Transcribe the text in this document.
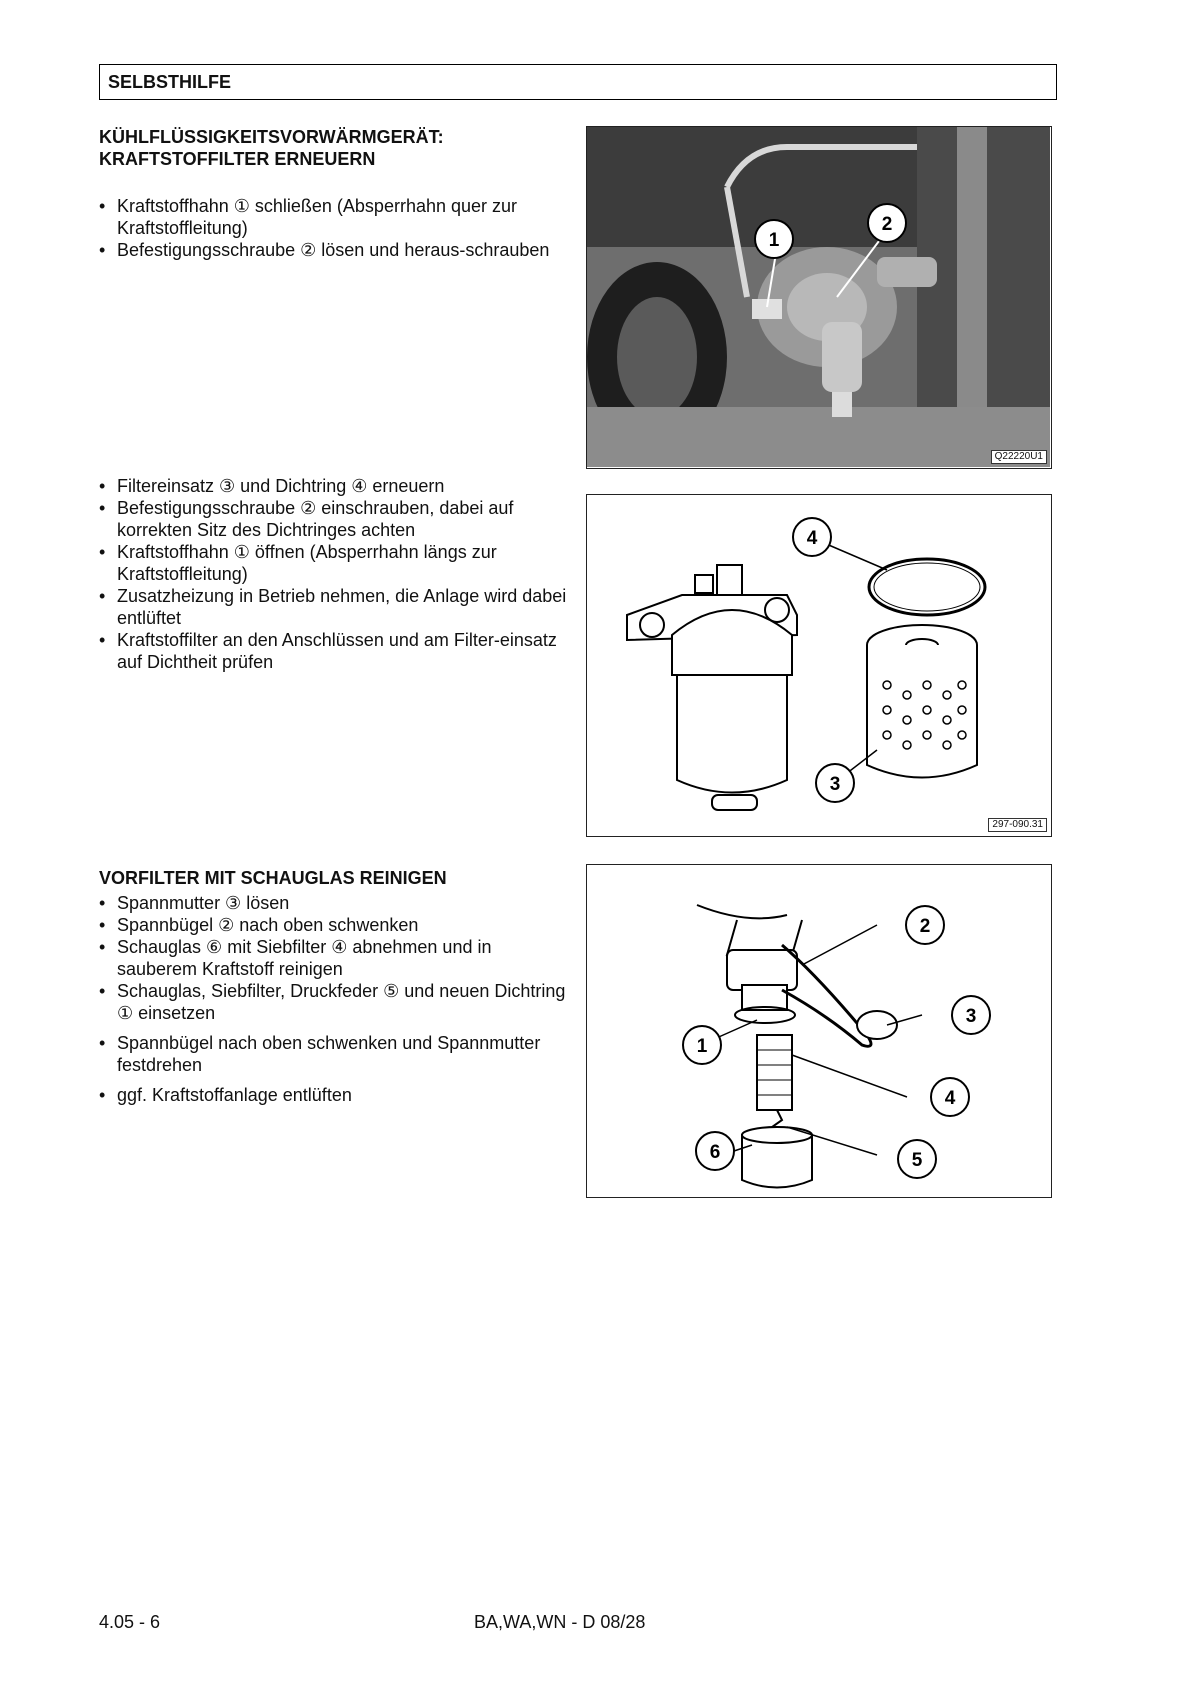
SELBSTHILFE
KÜHLFLÜSSIGKEITSVORWÄRMGERÄT:
KRAFTSTOFFILTER ERNEUERN
• Kraftstoffhahn ① schließen (Absperrhahn quer zur Kraftstoffleitung)
• Befestigungsschraube ② lösen und heraus-schrauben
• Filtereinsatz ③ und Dichtring ④ erneuern
• Befestigungsschraube ② einschrauben, dabei auf korrekten Sitz des Dichtringes achten
• Kraftstoffhahn ① öffnen (Absperrhahn längs zur Kraftstoffleitung)
• Zusatzheizung in Betrieb nehmen, die Anlage wird dabei entlüftet
• Kraftstoffilter an den Anschlüssen und am Filter-einsatz auf Dichtheit prüfen
1
2
Q22220U1
4
3
297-090.31
VORFILTER MIT SCHAUGLAS REINIGEN
• Spannmutter ③ lösen
• Spannbügel ② nach oben schwenken
• Schauglas ⑥ mit Siebfilter ④ abnehmen und in sauberem Kraftstoff reinigen
• Schauglas, Siebfilter, Druckfeder ⑤ und neuen Dichtring ① einsetzen
• Spannbügel nach oben schwenken und Spannmutter festdrehen
• ggf. Kraftstoffanlage entlüften
2
3
1
4
6	5
4.05 - 6	BA,WA,WN - D 08/28
